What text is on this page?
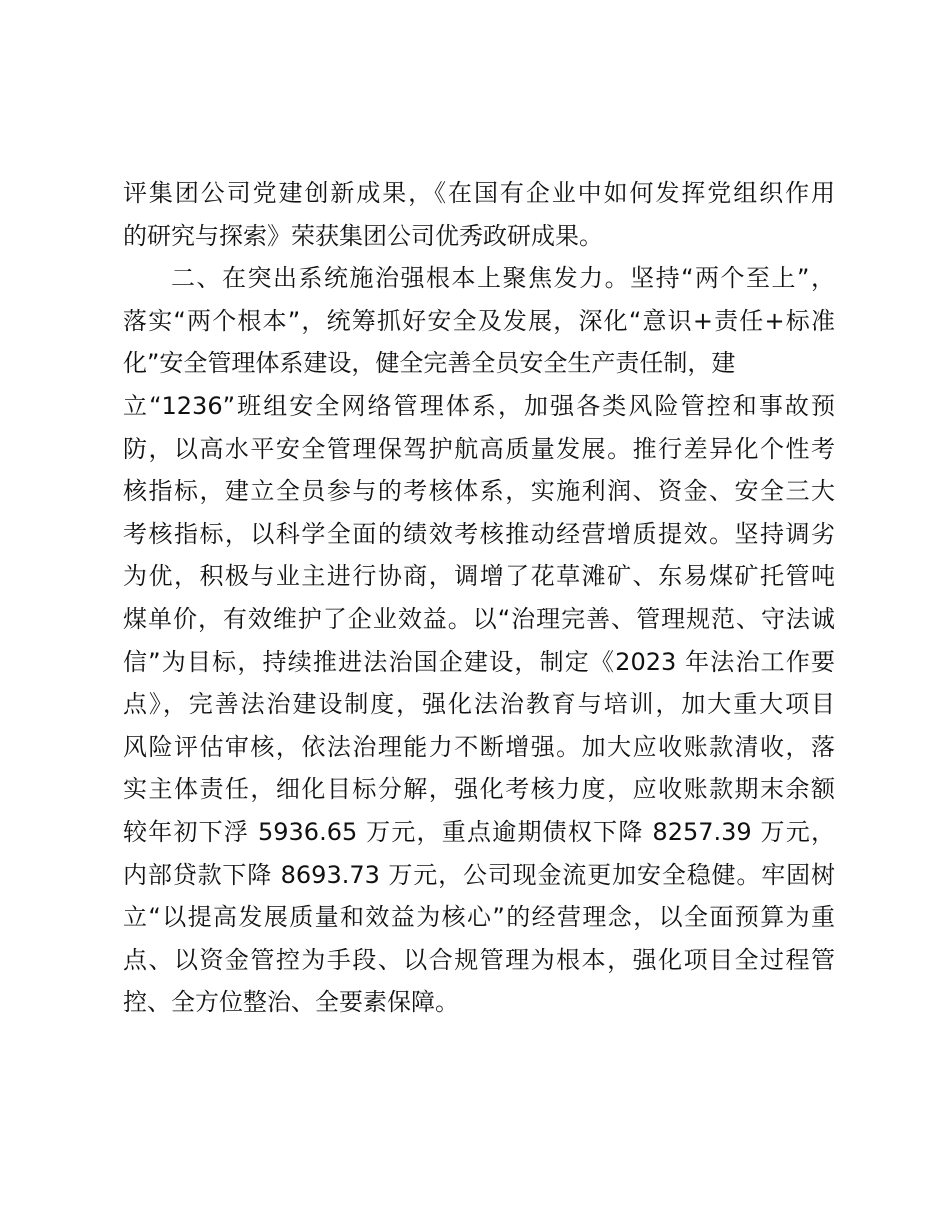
评集团公司党建创新成果，《在国有企业中如何发挥党组织作用
的研究与探索》荣获集团公司优秀政研成果。
二、在突出系统施治强根本上聚焦发力。坚持“两个至上”，
落实“两个根本”，统筹抓好安全及发展，深化“意识+责任+标准
化”安全管理体系建设，健全完善全员安全生产责任制，建
立“1236”班组安全网络管理体系，加强各类风险管控和事故预
防，以高水平安全管理保驾护航高质量发展。推行差异化个性考
核指标，建立全员参与的考核体系，实施利润、资金、安全三大
考核指标，以科学全面的绩效考核推动经营增质提效。坚持调劣
为优，积极与业主进行协商，调增了花草滩矿、东易煤矿托管吨
煤单价，有效维护了企业效益。以“治理完善、管理规范、守法诚
信”为目标，持续推进法治国企建设，制定《2023 年法治工作要
点》，完善法治建设制度，强化法治教育与培训，加大重大项目
风险评估审核，依法治理能力不断增强。加大应收账款清收，落
实主体责任，细化目标分解，强化考核力度，应收账款期末余额
较年初下浮 5936.65 万元，重点逾期债权下降 8257.39 万元，
内部贷款下降 8693.73 万元，公司现金流更加安全稳健。牢固树
立“以提高发展质量和效益为核心”的经营理念，以全面预算为重
点、以资金管控为手段、以合规管理为根本，强化项目全过程管
控、全方位整治、全要素保障。
